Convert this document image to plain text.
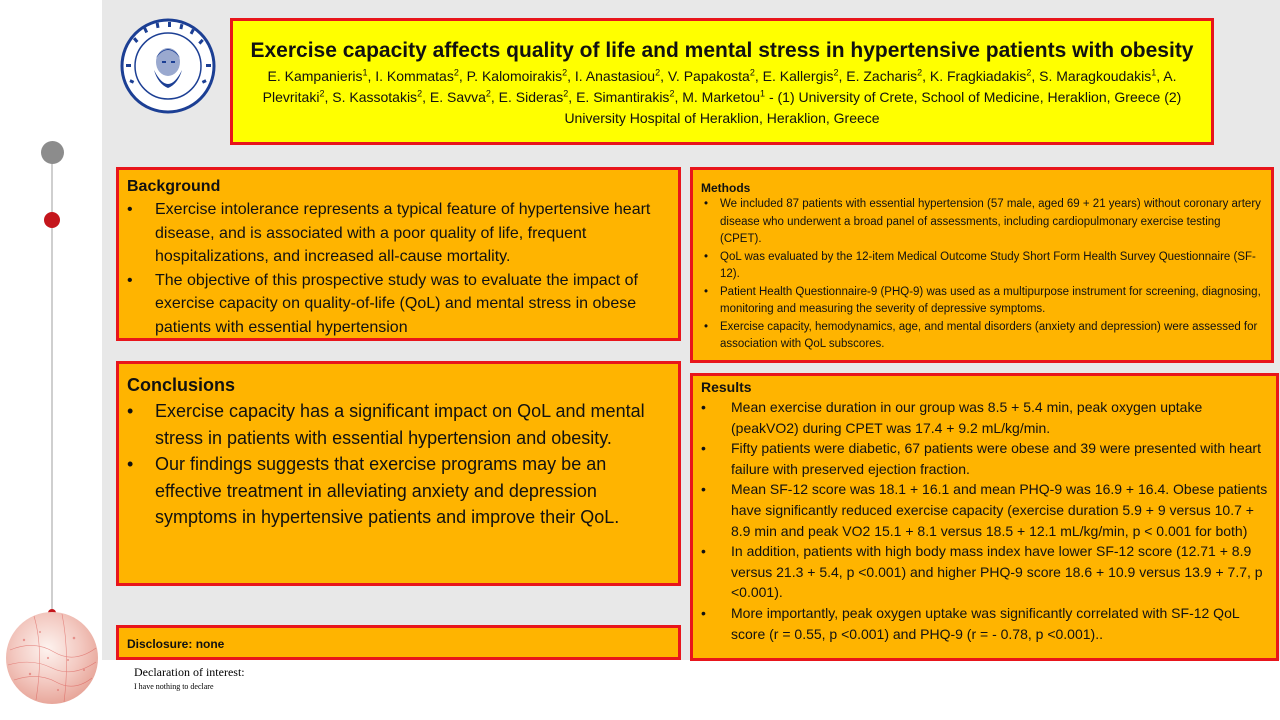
Exercise capacity affects quality of life and mental stress in hypertensive patients with obesity
E. Kampanieris$^1$, I. Kommatas$^2$, P. Kalomoirakis$^2$, I. Anastasiou$^2$, V. Papakosta$^2$, E. Kallergis$^2$, E. Zacharis$^2$, K. Fragkiadakis$^2$, S. Maragkoudakis$^1$, A. Plevritaki$^2$, S. Kassotakis$^2$, E. Savva$^2$, E. Sideras$^2$, E. Simantirakis$^2$, M. Marketou$^1$ - (1) University of Crete, School of Medicine, Heraklion, Greece (2) University Hospital of Heraklion, Heraklion, Greece
Background
• Exercise intolerance represents a typical feature of hypertensive heart disease, and is associated with a poor quality of life, frequent hospitalizations, and increased all-cause mortality.
• The objective of this prospective study was to evaluate the impact of exercise capacity on quality-of-life (QoL) and mental stress in obese patients with essential hypertension
Conclusions
• Exercise capacity has a significant impact on QoL and mental stress in patients with essential hypertension and obesity.
• Our findings suggests that exercise programs may be an effective treatment in alleviating anxiety and depression symptoms in hypertensive patients and improve their QoL.
Disclosure: none
Methods
• We included 87 patients with essential hypertension (57 male, aged 69 + 21 years) without coronary artery disease who underwent a broad panel of assessments, including cardiopulmonary exercise testing (CPET).
• QoL was evaluated by the 12-item Medical Outcome Study Short Form Health Survey Questionnaire (SF-12).
• Patient Health Questionnaire-9 (PHQ-9) was used as a multipurpose instrument for screening, diagnosing, monitoring and measuring the severity of depressive symptoms.
• Exercise capacity, hemodynamics, age, and mental disorders (anxiety and depression) were assessed for association with QoL subscores.
Results
• Mean exercise duration in our group was 8.5 + 5.4 min, peak oxygen uptake (peakVO2) during CPET was 17.4 + 9.2 mL/kg/min.
• Fifty patients were diabetic, 67 patients were obese and 39 were presented with heart failure with preserved ejection fraction.
• Mean SF-12 score was 18.1 + 16.1 and mean PHQ-9 was 16.9 + 16.4. Obese patients have significantly reduced exercise capacity (exercise duration 5.9 + 9 versus 10.7 + 8.9 min and peak VO2 15.1 + 8.1 versus 18.5 + 12.1 mL/kg/min, p < 0.001 for both)
• In addition, patients with high body mass index have lower SF-12 score (12.71 + 8.9 versus 21.3 + 5.4, p <0.001) and higher PHQ-9 score 18.6 + 10.9 versus 13.9 + 7.7, p <0.001).
• More importantly, peak oxygen uptake was significantly correlated with SF-12 QoL score (r = 0.55, p <0.001) and PHQ-9 (r = - 0.78, p <0.001)..
Declaration of interest:
I have nothing to declare
